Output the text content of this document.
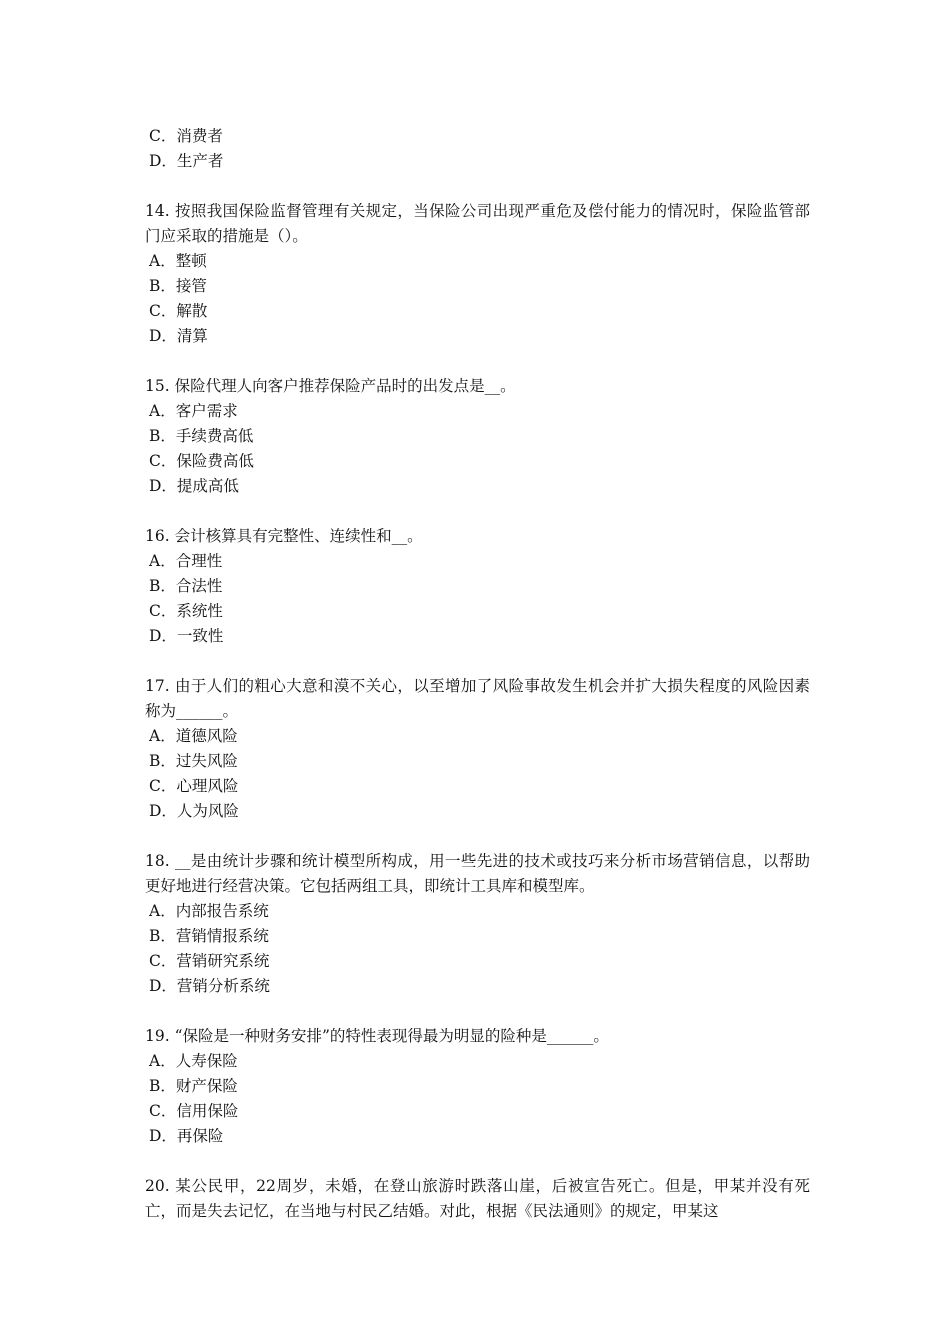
C．消费者
D．生产者
14. 按照我国保险监督管理有关规定，当保险公司出现严重危及偿付能力的情况时，保险监管部门应采取的措施是（）。
A．整顿
B．接管
C．解散
D．清算
15. 保险代理人向客户推荐保险产品时的出发点是__。
A．客户需求
B．手续费高低
C．保险费高低
D．提成高低
16. 会计核算具有完整性、连续性和__。
A．合理性
B．合法性
C．系统性
D．一致性
17. 由于人们的粗心大意和漠不关心，以至增加了风险事故发生机会并扩大损失程度的风险因素称为______。
A．道德风险
B．过失风险
C．心理风险
D．人为风险
18. __是由统计步骤和统计模型所构成，用一些先进的技术或技巧来分析市场营销信息，以帮助更好地进行经营决策。它包括两组工具，即统计工具库和模型库。
A．内部报告系统
B．营销情报系统
C．营销研究系统
D．营销分析系统
19. “保险是一种财务安排”的特性表现得最为明显的险种是______。
A．人寿保险
B．财产保险
C．信用保险
D．再保险
20. 某公民甲，22周岁，未婚，在登山旅游时跌落山崖，后被宣告死亡。但是，甲某并没有死亡，而是失去记忆，在当地与村民乙结婚。对此，根据《民法通则》的规定，甲某这
